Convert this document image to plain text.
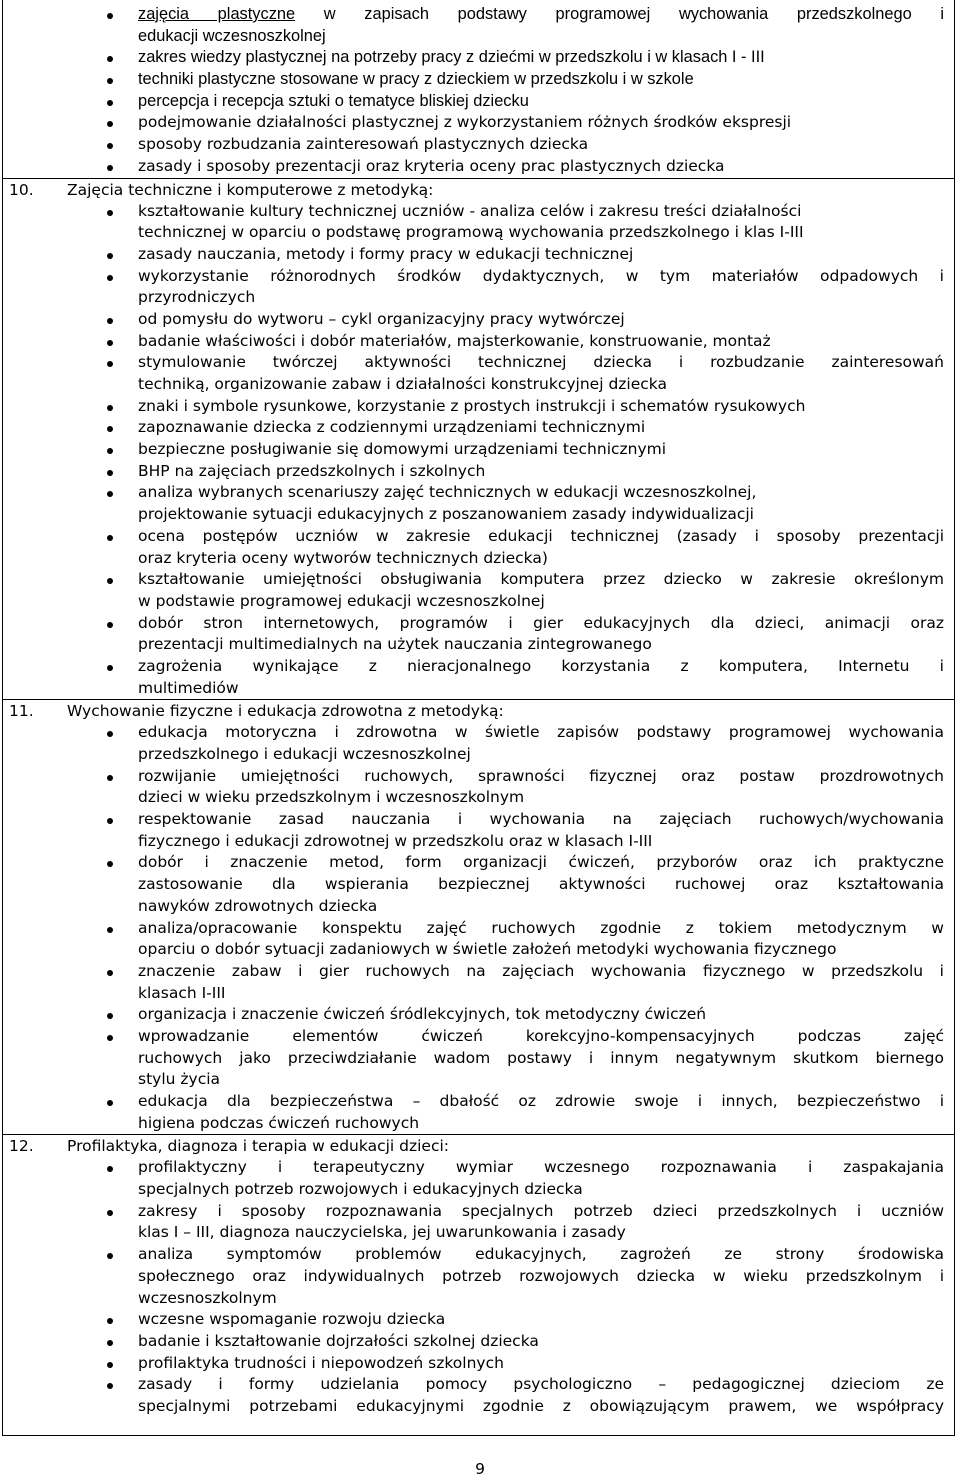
zajęcia plastyczne w zapisach podstawy programowej wychowania przedszkolnego i
edukacji wczesnoszkolnej
zakres wiedzy plastycznej na potrzeby pracy z dziećmi w przedszkolu i w klasach I - III
techniki plastyczne stosowane w pracy z dzieckiem w przedszkolu i w szkole
percepcja i recepcja sztuki o tematyce bliskiej dziecku
podejmowanie działalności plastycznej z wykorzystaniem różnych środków ekspresji
sposoby rozbudzania zainteresowań plastycznych dziecka
zasady i sposoby prezentacji oraz kryteria oceny prac plastycznych dziecka
10. Zajęcia techniczne i komputerowe z metodyką:
kształtowanie kultury technicznej uczniów - analiza celów i zakresu treści działalności
technicznej w oparciu o podstawę programową wychowania przedszkolnego i klas I-III
zasady nauczania, metody i formy pracy w edukacji technicznej
wykorzystanie różnorodnych środków dydaktycznych, w tym materiałów odpadowych i
przyrodniczych
od pomysłu do wytworu – cykl organizacyjny pracy wytwórczej
badanie właściwości i dobór materiałów, majsterkowanie, konstruowanie, montaż
stymulowanie twórczej aktywności technicznej dziecka i rozbudzanie zainteresowań
techniką, organizowanie zabaw i działalności konstrukcyjnej dziecka
znaki i symbole rysunkowe, korzystanie z prostych instrukcji i schematów rysukowych
zapoznawanie dziecka z codziennymi urządzeniami technicznymi
bezpieczne posługiwanie się domowymi urządzeniami technicznymi
BHP na zajęciach przedszkolnych i szkolnych
analiza wybranych scenariuszy zajęć technicznych w edukacji wczesnoszkolnej,
projektowanie sytuacji edukacyjnych z poszanowaniem zasady indywidualizacji
ocena postępów uczniów w zakresie edukacji technicznej (zasady i sposoby prezentacji
oraz kryteria oceny wytworów technicznych dziecka)
kształtowanie umiejętności obsługiwania komputera przez dziecko w zakresie określonym
w podstawie programowej edukacji wczesnoszkolnej
dobór stron internetowych, programów i gier edukacyjnych dla dzieci, animacji oraz
prezentacji multimedialnych na użytek nauczania zintegrowanego
zagrożenia wynikające z nieracjonalnego korzystania z komputera, Internetu i
multimediów
11. Wychowanie fizyczne i edukacja zdrowotna z metodyką:
edukacja motoryczna i zdrowotna w świetle zapisów podstawy programowej wychowania
przedszkolnego i edukacji wczesnoszkolnej
rozwijanie umiejętności ruchowych, sprawności fizycznej oraz postaw prozdrowotnych
dzieci w wieku przedszkolnym i wczesnoszkolnym
respektowanie zasad nauczania i wychowania na zajęciach ruchowych/wychowania
fizycznego i edukacji zdrowotnej w przedszkolu oraz w klasach I-III
dobór i znaczenie metod, form organizacji ćwiczeń, przyborów oraz ich praktyczne
zastosowanie dla wspierania bezpiecznej aktywności ruchowej oraz kształtowania
nawyków zdrowotnych dziecka
analiza/opracowanie konspektu zajęć ruchowych zgodnie z tokiem metodycznym w
oparciu o dobór sytuacji zadaniowych w świetle założeń metodyki wychowania fizycznego
znaczenie zabaw i gier ruchowych na zajęciach wychowania fizycznego w przedszkolu i
klasach I-III
organizacja i znaczenie ćwiczeń śródlekcyjnych, tok metodyczny ćwiczeń
wprowadzanie elementów ćwiczeń korekcyjno-kompensacyjnych podczas zajęć
ruchowych jako przeciwdziałanie wadom postawy i innym negatywnym skutkom biernego
stylu życia
edukacja dla bezpieczeństwa – dbałość oz zdrowie swoje i innych, bezpieczeństwo i
higiena podczas ćwiczeń ruchowych
12. Profilaktyka, diagnoza i terapia w edukacji dzieci:
profilaktyczny i terapeutyczny wymiar wczesnego rozpoznawania i zaspakajania
specjalnych potrzeb rozwojowych i edukacyjnych dziecka
zakresy i sposoby rozpoznawania specjalnych potrzeb dzieci przedszkolnych i uczniów
klas I – III, diagnoza nauczycielska, jej uwarunkowania i zasady
analiza symptomów problemów edukacyjnych, zagrożeń ze strony środowiska
społecznego oraz indywidualnych potrzeb rozwojowych dziecka w wieku przedszkolnym i
wczesnoszkolnym
wczesne wspomaganie rozwoju dziecka
badanie i kształtowanie dojrzałości szkolnej dziecka
profilaktyka trudności i niepowodzeń szkolnych
zasady i formy udzielania pomocy psychologiczno – pedagogicznej dzieciom ze
specjalnymi potrzebami edukacyjnymi zgodnie z obowiązującym prawem, we współpracy
9
